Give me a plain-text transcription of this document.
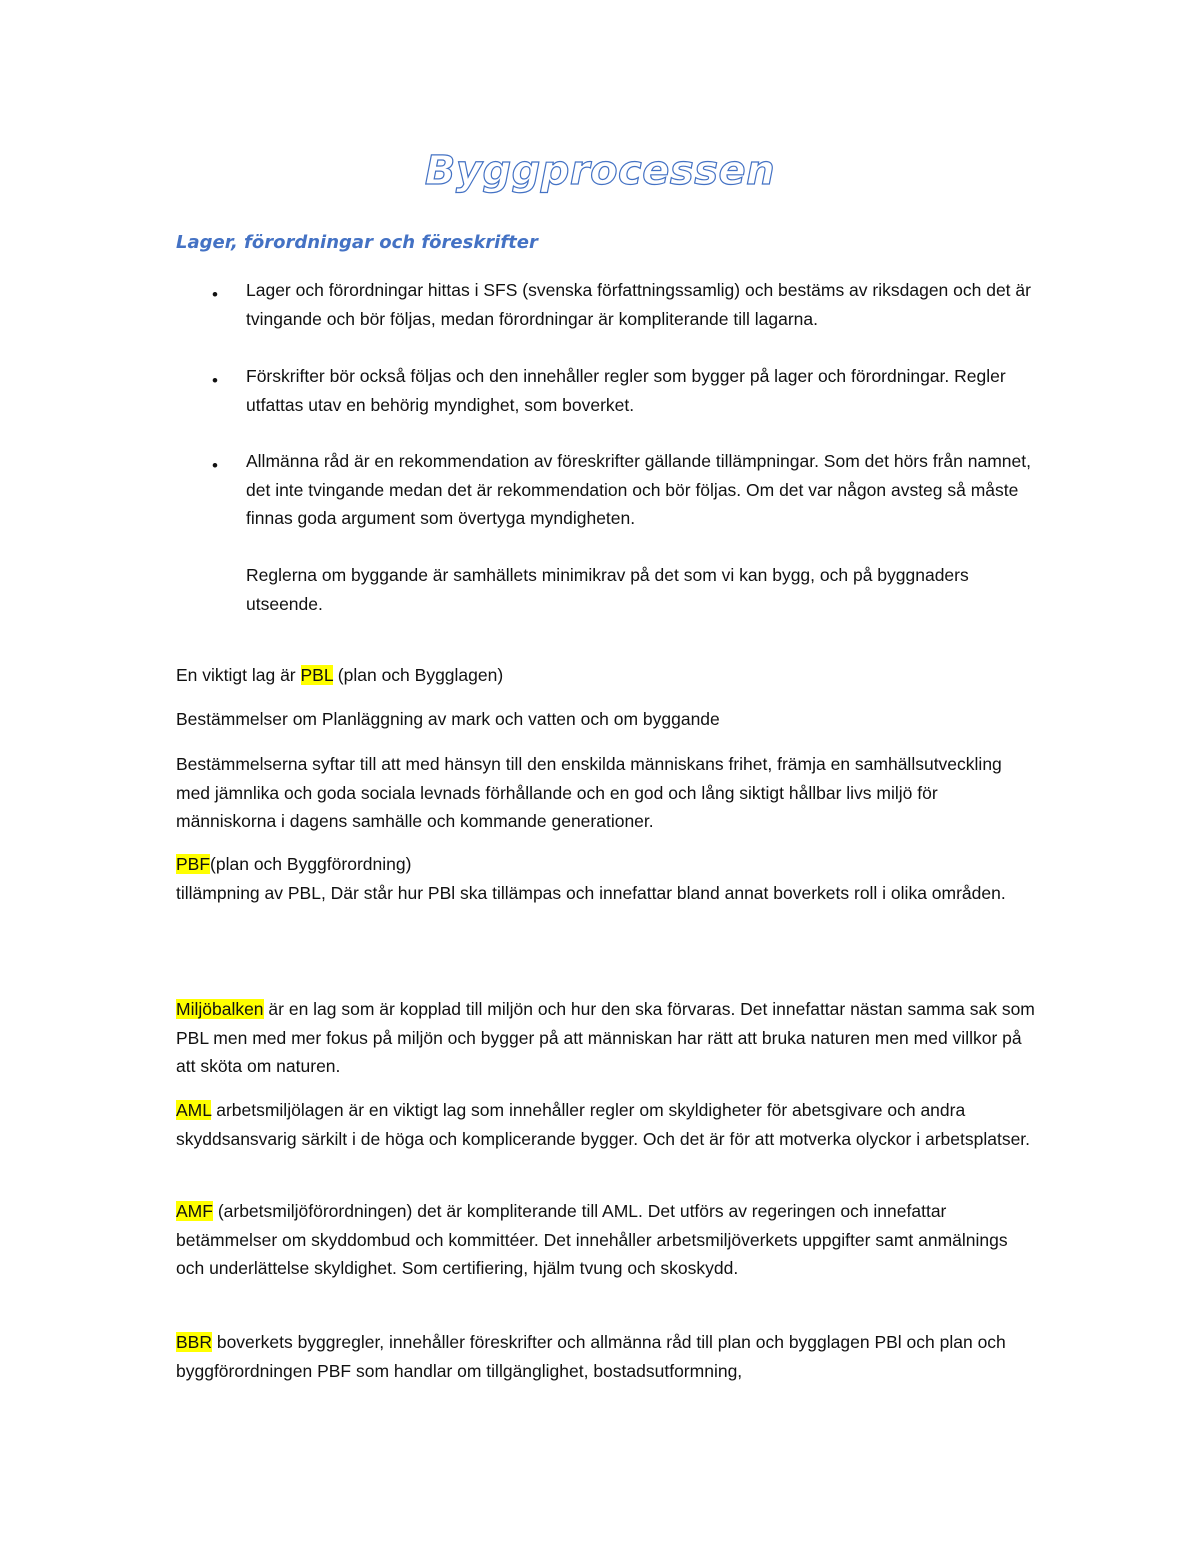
Byggprocessen
Lager, förordningar och föreskrifter
• Lager och förordningar hittas i SFS (svenska författningssamlig) och bestäms av riksdagen och det är tvingande och bör följas, medan förordningar är kompliterande till lagarna.

• Förskrifter bör också följas och den innehåller regler som bygger på lager och förordningar. Regler utfattas utav en behörig myndighet, som boverket.

• Allmänna råd är en rekommendation av föreskrifter gällande tillämpningar. Som det hörs från namnet, det inte tvingande medan det är rekommendation och bör följas. Om det var någon avsteg så måste finnas goda argument som övertyga myndigheten.

Reglerna om byggande är samhällets minimikrav på det som vi kan bygg, och på byggnaders utseende.

En viktigt lag är PBL (plan och Bygglagen)

Bestämmelser om Planläggning av mark och vatten och om byggande

Bestämmelserna syftar till att med hänsyn till den enskilda människans frihet, främja en samhällsutveckling med jämnlika och goda sociala levnads förhållande och en god och lång siktigt hållbar livs miljö för människorna i dagens samhälle och kommande generationer.

PBF(plan och Byggförordning)
tillämpning av PBL, Där står hur PBl ska tillämpas och innefattar bland annat boverkets roll i olika områden.

Miljöbalken är en lag som är kopplad till miljön och hur den ska förvaras. Det innefattar nästan samma sak som PBL men med mer fokus på miljön och bygger på att människan har rätt att bruka naturen men med villkor på att sköta om naturen.

AML arbetsmiljölagen är en viktigt lag som innehåller regler om skyldigheter för abetsgivare och andra skyddsansvarig särkilt i de höga och komplicerande bygger. Och det är för att motverka olyckor i arbetsplatser.

AMF (arbetsmiljöförordningen) det är kompliterande till AML. Det utförs av regeringen och innefattar betämmelser om skyddombud och kommittéer. Det innehåller arbetsmiljöverkets uppgifter samt anmälnings och underlättelse skyldighet. Som certifiering, hjälm tvung och skoskydd.

BBR boverkets byggregler, innehåller föreskrifter och allmänna råd till plan och bygglagen PBl och plan och byggförordningen PBF som handlar om tillgänglighet, bostadsutformning,
